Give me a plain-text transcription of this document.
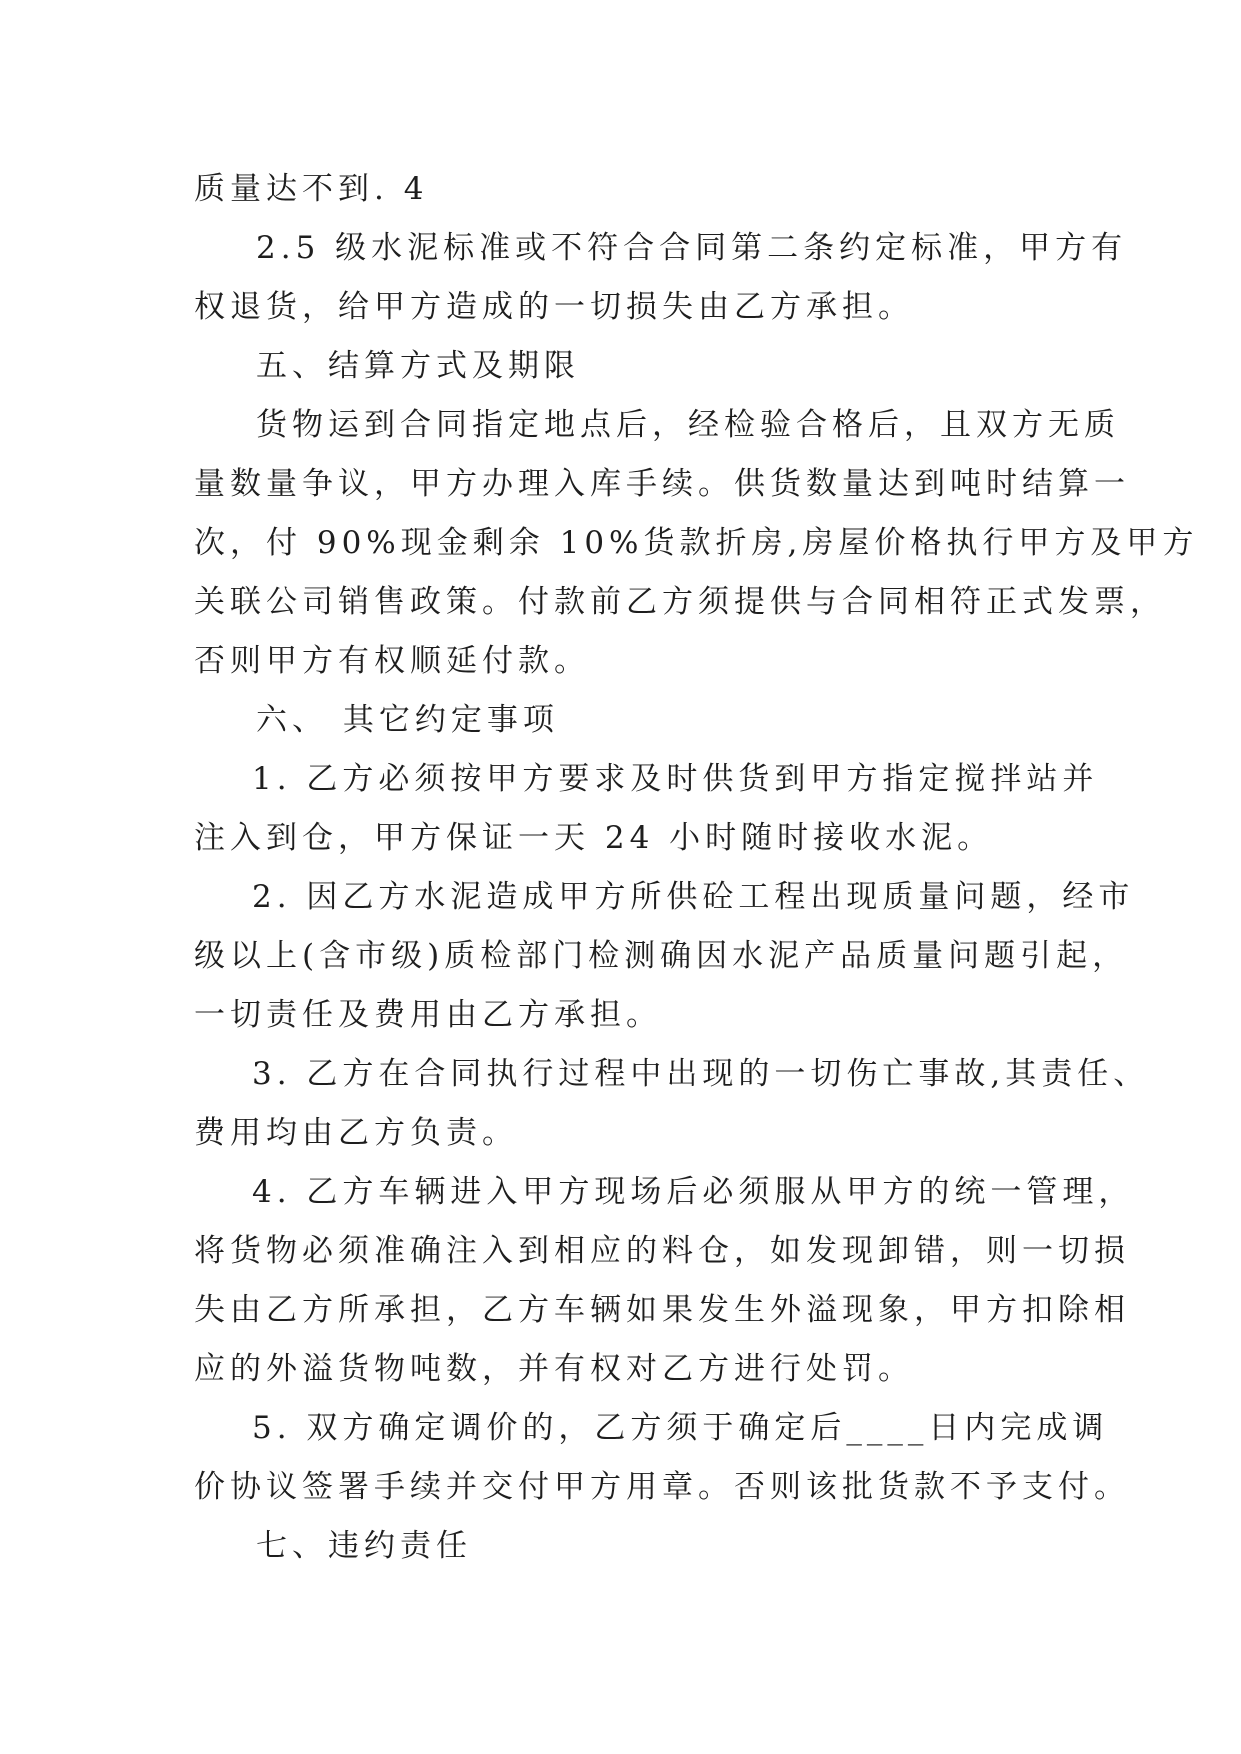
质量达不到. 4

2.5 级水泥标准或不符合合同第二条约定标准，甲方有

权退货，给甲方造成的一切损失由乙方承担。

五、结算方式及期限

货物运到合同指定地点后，经检验合格后，且双方无质

量数量争议，甲方办理入库手续。供货数量达到吨时结算一

次，付 90%现金剩余 10%货款折房,房屋价格执行甲方及甲方

关联公司销售政策。付款前乙方须提供与合同相符正式发票，

否则甲方有权顺延付款。

六、 其它约定事项

1. 乙方必须按甲方要求及时供货到甲方指定搅拌站并

注入到仓，甲方保证一天 24 小时随时接收水泥。

2. 因乙方水泥造成甲方所供砼工程出现质量问题，经市

级以上(含市级)质检部门检测确因水泥产品质量问题引起，

一切责任及费用由乙方承担。

3. 乙方在合同执行过程中出现的一切伤亡事故,其责任、

费用均由乙方负责。

4. 乙方车辆进入甲方现场后必须服从甲方的统一管理，

将货物必须准确注入到相应的料仓，如发现卸错，则一切损

失由乙方所承担，乙方车辆如果发生外溢现象，甲方扣除相

应的外溢货物吨数，并有权对乙方进行处罚。

5. 双方确定调价的，乙方须于确定后____日内完成调

价协议签署手续并交付甲方用章。否则该批货款不予支付。

七、违约责任
